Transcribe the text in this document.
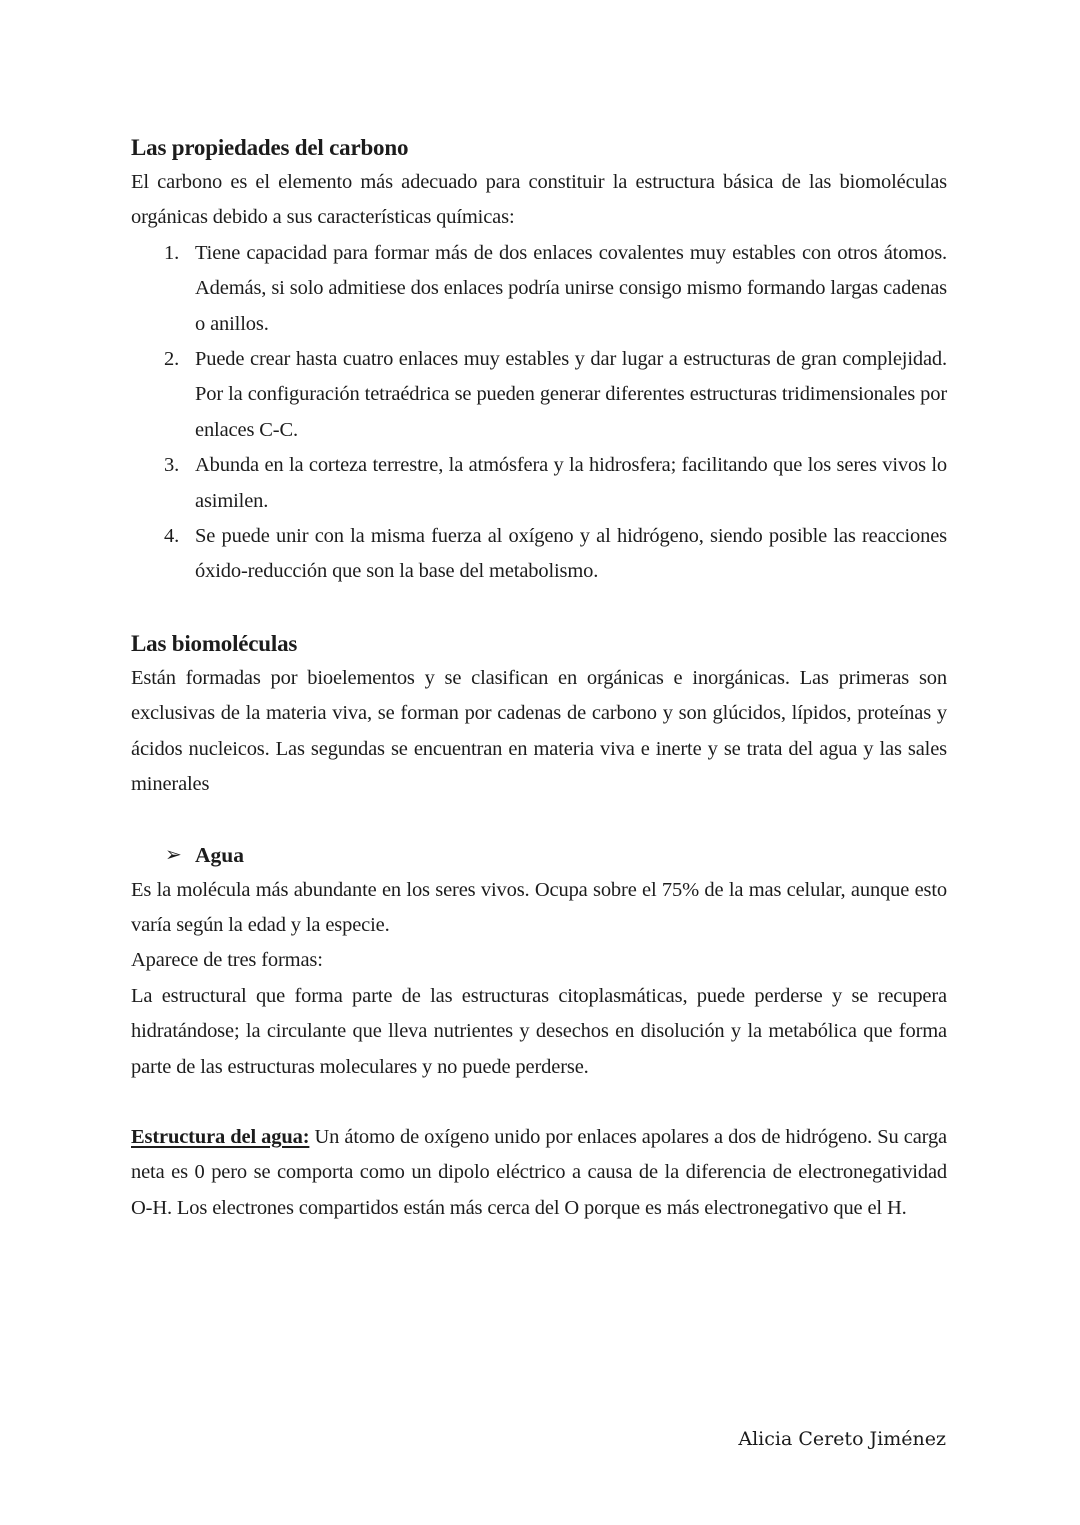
Las propiedades del carbono

El carbono es el elemento más adecuado para constituir la estructura básica de las biomoléculas orgánicas debido a sus características químicas:

1. Tiene capacidad para formar más de dos enlaces covalentes muy estables con otros átomos. Además, si solo admitiese dos enlaces podría unirse consigo mismo formando largas cadenas o anillos.
2. Puede crear hasta cuatro enlaces muy estables y dar lugar a estructuras de gran complejidad. Por la configuración tetraédrica se pueden generar diferentes estructuras tridimensionales por enlaces C-C.
3. Abunda en la corteza terrestre, la atmósfera y la hidrosfera; facilitando que los seres vivos lo asimilen.
4. Se puede unir con la misma fuerza al oxígeno y al hidrógeno, siendo posible las reacciones óxido-reducción que son la base del metabolismo.
Las biomoléculas

Están formadas por bioelementos y se clasifican en orgánicas e inorgánicas. Las primeras son exclusivas de la materia viva, se forman por cadenas de carbono y son glúcidos, lípidos, proteínas y ácidos nucleicos. Las segundas se encuentran en materia viva e inerte y se trata del agua y las sales minerales

➢ Agua

Es la molécula más abundante en los seres vivos. Ocupa sobre el 75% de la mas celular, aunque esto varía según la edad y la especie.

Aparece de tres formas:

La estructural que forma parte de las estructuras citoplasmáticas, puede perderse y se recupera hidratándose; la circulante que lleva nutrientes y desechos en disolución y la metabólica que forma parte de las estructuras moleculares y no puede perderse.

Estructura del agua: Un átomo de oxígeno unido por enlaces apolares a dos de hidrógeno. Su carga neta es 0 pero se comporta como un dipolo eléctrico a causa de la diferencia de electronegatividad O-H. Los electrones compartidos están más cerca del O porque es más electronegativo que el H.

Alicia Cereto Jiménez
